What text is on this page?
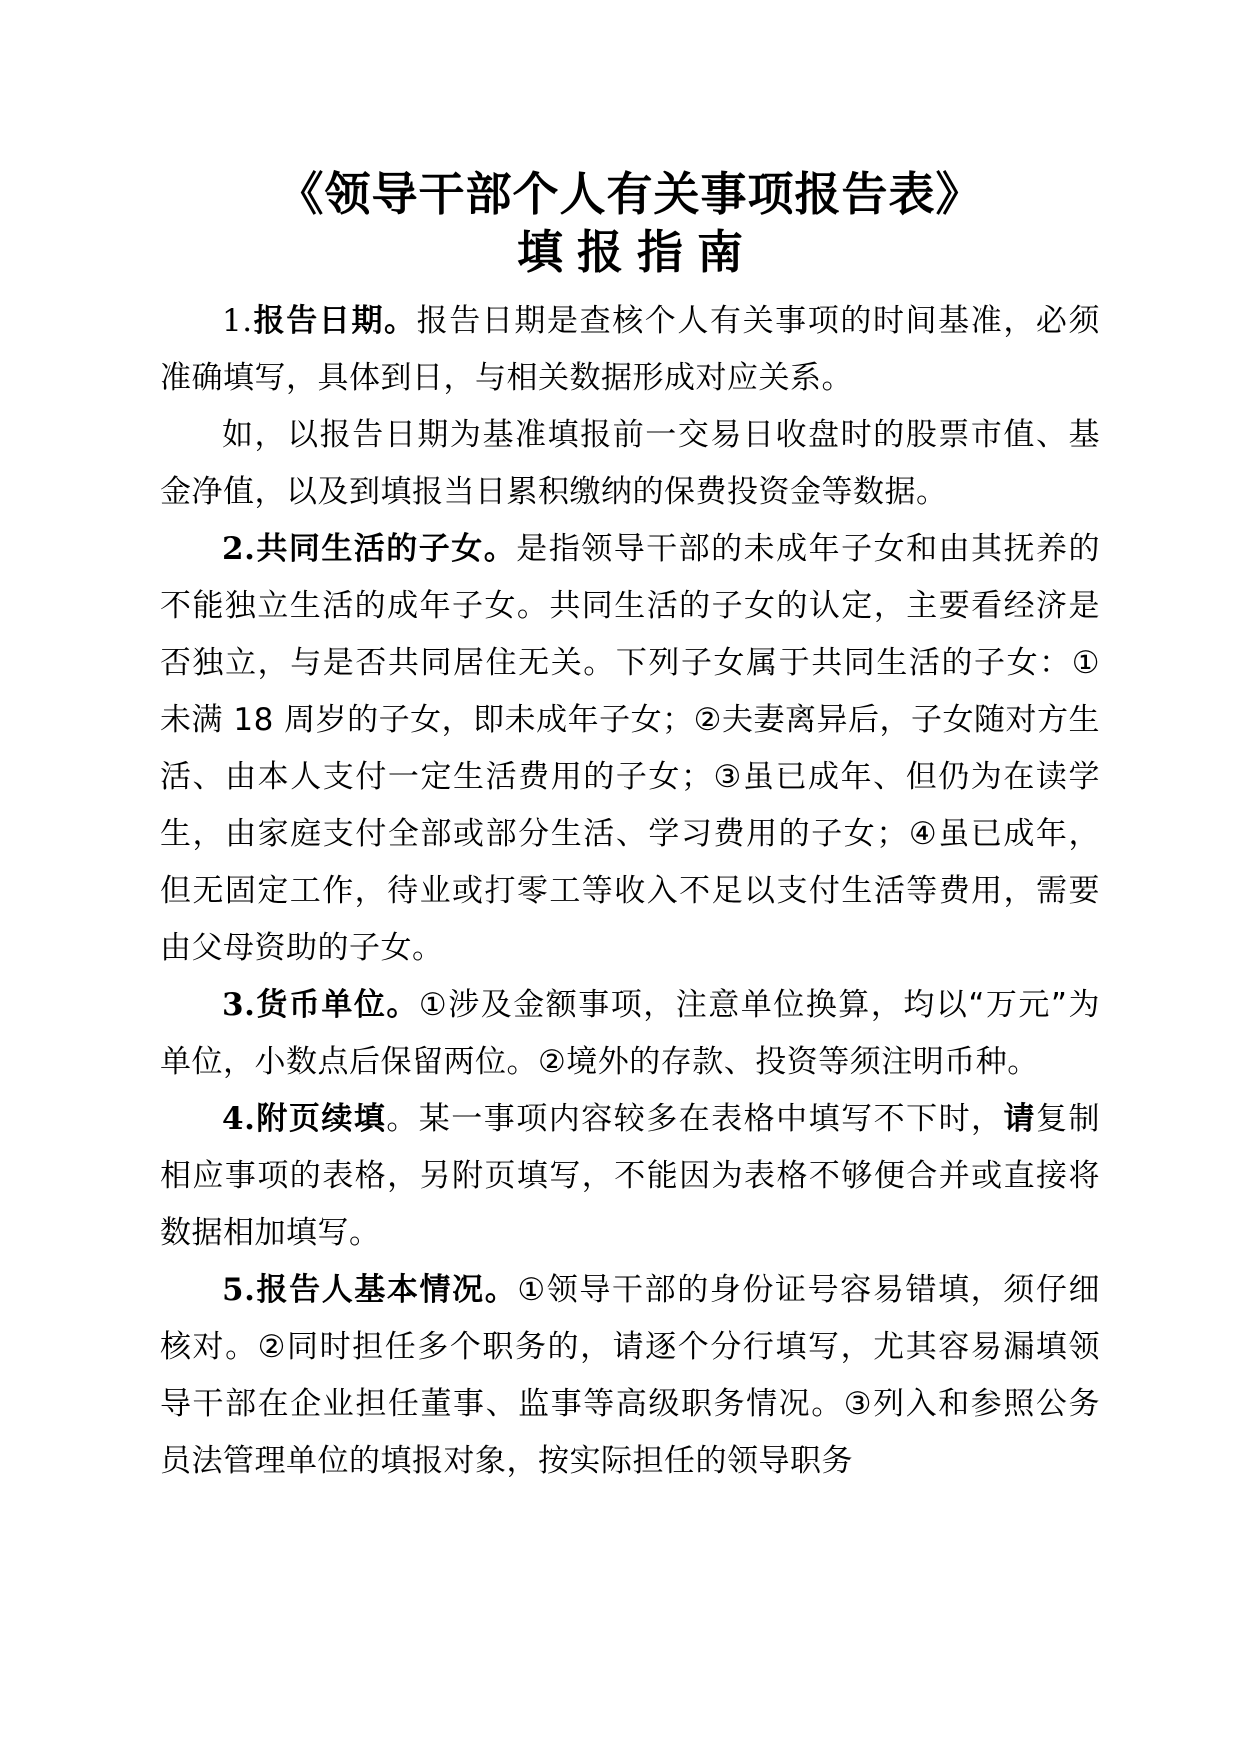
《领导干部个人有关事项报告表》
填报指南

1.报告日期。报告日期是查核个人有关事项的时间基准，必须准确填写，具体到日，与相关数据形成对应关系。

如，以报告日期为基准填报前一交易日收盘时的股票市值、基金净值，以及到填报当日累积缴纳的保费投资金等数据。

2.共同生活的子女。是指领导干部的未成年子女和由其抚养的不能独立生活的成年子女。共同生活的子女的认定，主要看经济是否独立，与是否共同居住无关。下列子女属于共同生活的子女：①未满 18 周岁的子女，即未成年子女；②夫妻离异后，子女随对方生活、由本人支付一定生活费用的子女；③虽已成年、但仍为在读学生，由家庭支付全部或部分生活、学习费用的子女；④虽已成年，但无固定工作，待业或打零工等收入不足以支付生活等费用，需要由父母资助的子女。

3.货币单位。①涉及金额事项，注意单位换算，均以“万元”为单位，小数点后保留两位。②境外的存款、投资等须注明币种。

4.附页续填。某一事项内容较多在表格中填写不下时，请复制相应事项的表格，另附页填写，不能因为表格不够便合并或直接将数据相加填写。

5.报告人基本情况。①领导干部的身份证号容易错填，须仔细核对。②同时担任多个职务的，请逐个分行填写，尤其容易漏填领导干部在企业担任董事、监事等高级职务情况。③列入和参照公务员法管理单位的填报对象，按实际担任的领导职务
